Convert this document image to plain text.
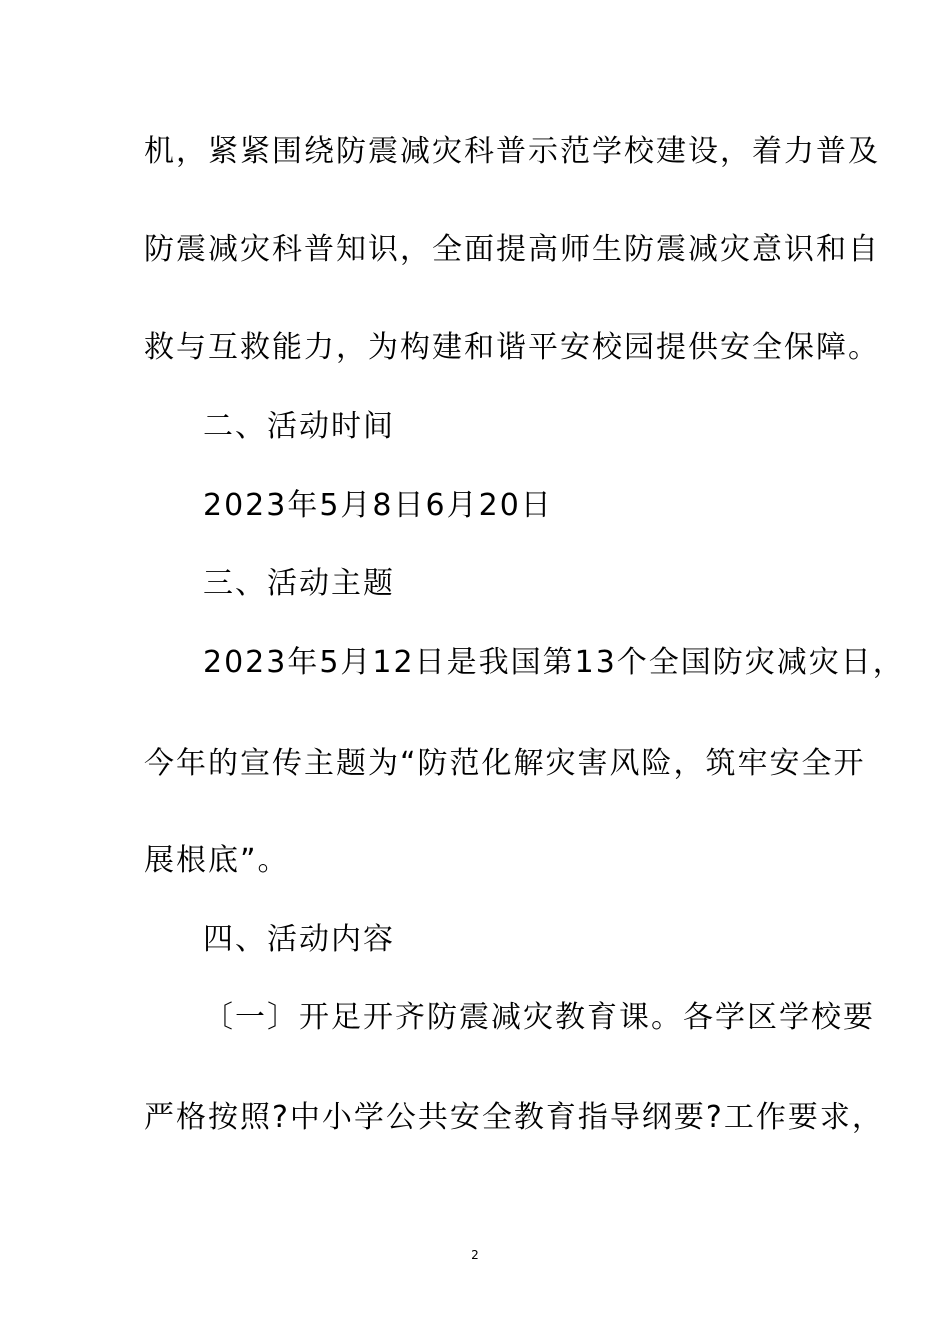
机，紧紧围绕防震减灾科普示范学校建设，着力普及
防震减灾科普知识，全面提高师生防震减灾意识和自
救与互救能力，为构建和谐平安校园提供安全保障。
二、活动时间
2023年5月8日6月20日
三、活动主题
2023年5月12日是我国第13个全国防灾减灾日，
今年的宣传主题为“防范化解灾害风险，筑牢安全开
展根底”。
四、活动内容
〔一〕开足开齐防震减灾教育课。各学区学校要
严格按照?中小学公共安全教育指导纲要?工作要求，
2
